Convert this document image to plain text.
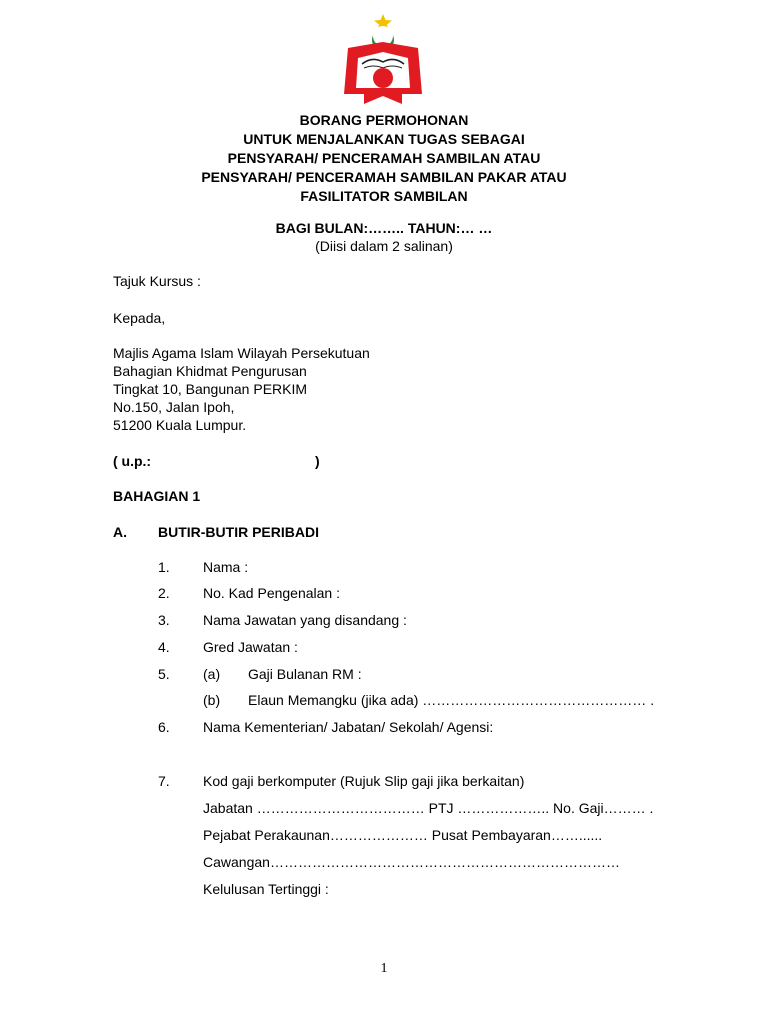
BORANG PERMOHONAN
UNTUK MENJALANKAN TUGAS SEBAGAI
PENSYARAH/ PENCERAMAH SAMBILAN ATAU
PENSYARAH/ PENCERAMAH SAMBILAN PAKAR ATAU
FASILITATOR SAMBILAN
BAGI BULAN:…….. TAHUN:… …
(Diisi dalam 2 salinan)
Tajuk Kursus :
Kepada,
Majlis Agama Islam Wilayah Persekutuan
Bahagian Khidmat Pengurusan
Tingkat 10, Bangunan PERKIM
No.150, Jalan Ipoh,
51200 Kuala Lumpur.
( u.p.:	)
BAHAGIAN 1
A. BUTIR-BUTIR PERIBADI
1. Nama :
2. No. Kad Pengenalan :
3. Nama Jawatan yang disandang :
4. Gred Jawatan :
5. (a) Gaji Bulanan RM :
(b) Elaun Memangku (jika ada) ………………………………………… .
6. Nama Kementerian/ Jabatan/ Sekolah/ Agensi:
7. Kod gaji berkomputer (Rujuk Slip gaji jika berkaitan)
Jabatan ……………………………… PTJ ……………….. No. Gaji……… .
Pejabat Perakaunan………………… Pusat Pembayaran……......
Cawangan…………………………………………………………………
Kelulusan Tertinggi :
1
